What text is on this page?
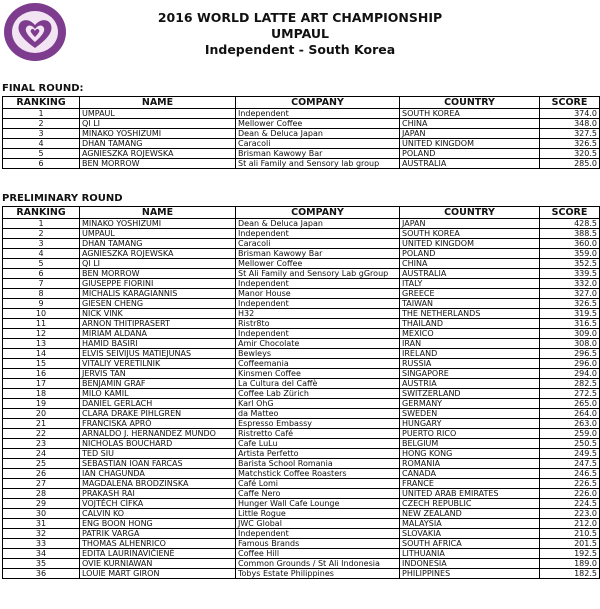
2016 WORLD LATTE ART CHAMPIONSHIP
UMPAUL
Independent - South Korea
FINAL ROUND:
RANKING	NAME	COMPANY	COUNTRY	SCORE
1	UMPAUL	Independent	SOUTH KOREA	374.0
2	QI LI	Mellower Coffee	CHINA	348.0
3	MINAKO YOSHIZUMI	Dean & Deluca Japan	JAPAN	327.5
4	DHAN TAMANG	Caracoli	UNITED KINGDOM	326.5
5	AGNIESZKA ROJEWSKA	Brisman Kawowy Bar	POLAND	320.5
6	BEN MORROW	St ali Family and Sensory lab group	AUSTRALIA	285.0
PRELIMINARY ROUND
RANKING	NAME	COMPANY	COUNTRY	SCORE
1	MINAKO YOSHIZUMI	Dean & Deluca Japan	JAPAN	428.5
2	UMPAUL	Independent	SOUTH KOREA	388.5
3	DHAN TAMANG	Caracoli	UNITED KINGDOM	360.0
4	AGNIESZKA ROJEWSKA	Brisman Kawowy Bar	POLAND	359.0
5	QI LI	Mellower Coffee	CHINA	352.5
6	BEN MORROW	St Ali Family and Sensory Lab gGroup	AUSTRALIA	339.5
7	GIUSEPPE FIORINI	Independent	ITALY	332.0
8	MICHALIS KARAGIANNIS	Manor House	GREECE	327.0
9	GIESEN CHENG	Independent	TAIWAN	326.5
10	NICK VINK	H32	THE NETHERLANDS	319.5
11	ARNON THITIPRASERT	Ristr8to	THAILAND	316.5
12	MIRIAM ALDANA	Independent	MEXICO	309.0
13	HAMID BASIRI	Amir Chocolate	IRAN	308.0
14	ELVIS SEIVIJUS MATIEJUNAS	Bewleys	IRELAND	296.5
15	VITALIY VERETILNIK	Coffeemania	RUSSIA	296.0
16	JERVIS TAN	Kinsmen Coffee	SINGAPORE	294.0
17	BENJAMIN GRAF	La Cultura del Caffè	AUSTRIA	282.5
18	MILO KAMIL	Coffee Lab Zürich	SWITZERLAND	272.5
19	DANIEL GERLACH	Karl OhG	GERMANY	265.0
20	CLARA DRAKE PIHLGREN	da Matteo	SWEDEN	264.0
21	FRANCISKA APRÓ	Espresso Embassy	HUNGARY	263.0
22	ARNALDO J. HERNANDEZ MUNDO	Ristretto Café	PUERTO RICO	259.0
23	NICHOLAS BOUCHARD	Cafe LuLu	BELGIUM	250.5
24	TED SIU	Artista Perfetto	HONG KONG	249.5
25	SEBASTIAN IOAN FARCAS	Barista School Romania	ROMANIA	247.5
26	IAN CHAGUNDA	Matchstick Coffee Roasters	CANADA	246.5
27	MAGDALENA BRODZINSKA	Café Lomi	FRANCE	226.5
28	PRAKASH RAI	Caffe Nero	UNITED ARAB EMIRATES	226.0
29	VOJTĚCH CÍFKA	Hunger Wall Cafe Lounge	CZECH REPUBLIC	224.5
30	CALVIN KO	Little Rogue	NEW ZEALAND	223.0
31	ENG BOON HONG	JWC Global	MALAYSIA	212.0
32	PATRIK VARGA	Independent	SLOVAKIA	210.5
33	THOMAS ALHENRICO	Famous Brands	SOUTH AFRICA	201.5
34	EDITA LAURINAVIČIENĖ	Coffee Hill	LITHUANIA	192.5
35	OVIE KURNIAWAN	Common Grounds / St Ali Indonesia	INDONESIA	189.0
36	LOUIE MART GIRON	Tobys Estate Philippines	PHILIPPINES	182.5
